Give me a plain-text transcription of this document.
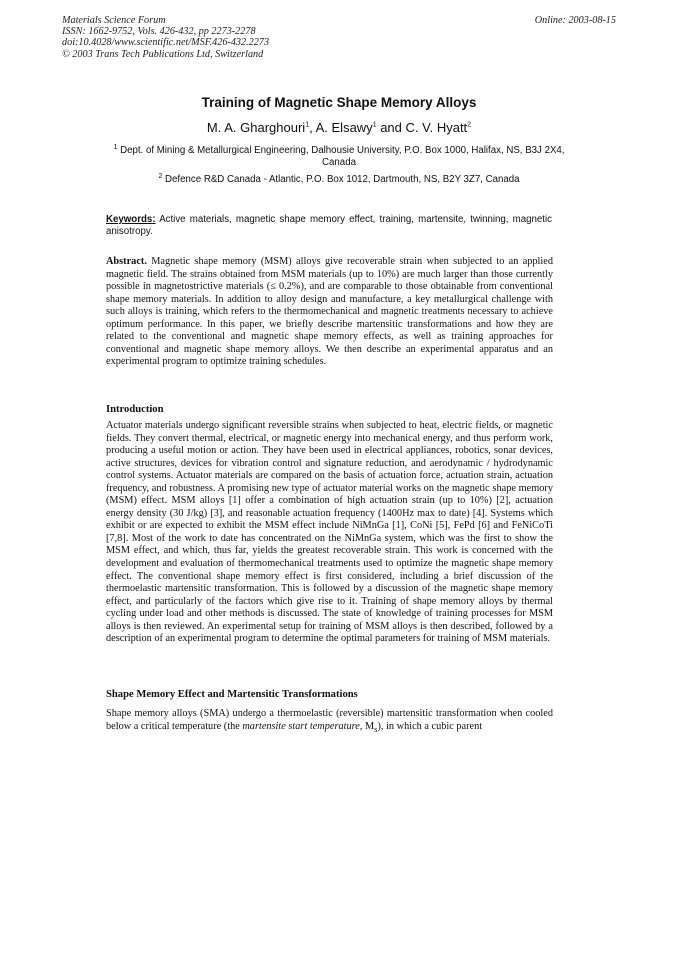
Materials Science Forum
ISSN: 1662-9752, Vols. 426-432, pp 2273-2278
doi:10.4028/www.scientific.net/MSF.426-432.2273
© 2003 Trans Tech Publications Ltd, Switzerland
Online: 2003-08-15
Training of Magnetic Shape Memory Alloys
M. A. Gharghouri$^1$, A. Elsawy$^1$ and C. V. Hyatt$^2$
$^1$ Dept. of Mining & Metallurgical Engineering, Dalhousie University, P.O. Box 1000, Halifax, NS, B3J 2X4, Canada
$^2$ Defence R&D Canada - Atlantic, P.O. Box 1012, Dartmouth, NS, B2Y 3Z7, Canada
Keywords: Active materials, magnetic shape memory effect, training, martensite, twinning, magnetic anisotropy.

Abstract. Magnetic shape memory (MSM) alloys give recoverable strain when subjected to an applied magnetic field. The strains obtained from MSM materials (up to 10%) are much larger than those currently possible in magnetostrictive materials (≤ 0.2%), and are comparable to those obtainable from conventional shape memory materials. In addition to alloy design and manufacture, a key metallurgical challenge with such alloys is training, which refers to the thermomechanical and magnetic treatments necessary to achieve optimum performance. In this paper, we briefly describe martensitic transformations and how they are related to the conventional and magnetic shape memory effects, as well as training approaches for conventional and magnetic shape memory alloys. We then describe an experimental apparatus and an experimental program to optimize training schedules.

Introduction

Actuator materials undergo significant reversible strains when subjected to heat, electric fields, or magnetic fields. They convert thermal, electrical, or magnetic energy into mechanical energy, and thus perform work, producing a useful motion or action. They have been used in electrical appliances, robotics, sonar devices, active structures, devices for vibration control and signature reduction, and aerodynamic / hydrodynamic control systems. Actuator materials are compared on the basis of actuation force, actuation strain, actuation frequency, and robustness. A promising new type of actuator material works on the magnetic shape memory (MSM) effect. MSM alloys [1] offer a combination of high actuation strain (up to 10%) [2], actuation energy density (30 J/kg) [3], and reasonable actuation frequency (1400Hz max to date) [4]. Systems which exhibit or are expected to exhibit the MSM effect include NiMnGa [1], CoNi [5], FePd [6] and FeNiCoTi [7,8]. Most of the work to date has concentrated on the NiMnGa system, which was the first to show the MSM effect, and which, thus far, yields the greatest recoverable strain. This work is concerned with the development and evaluation of thermomechanical treatments used to optimize the magnetic shape memory effect. The conventional shape memory effect is first considered, including a brief discussion of the thermoelastic martensitic transformation. This is followed by a discussion of the magnetic shape memory effect, and particularly of the factors which give rise to it. Training of shape memory alloys by thermal cycling under load and other methods is discussed. The state of knowledge of training processes for MSM alloys is then reviewed. An experimental setup for training of MSM alloys is then described, followed by a description of an experimental program to determine the optimal parameters for training of MSM materials.

Shape Memory Effect and Martensitic Transformations

Shape memory alloys (SMA) undergo a thermoelastic (reversible) martensitic transformation when cooled below a critical temperature (the martensite start temperature, $M_s$), in which a cubic parent
